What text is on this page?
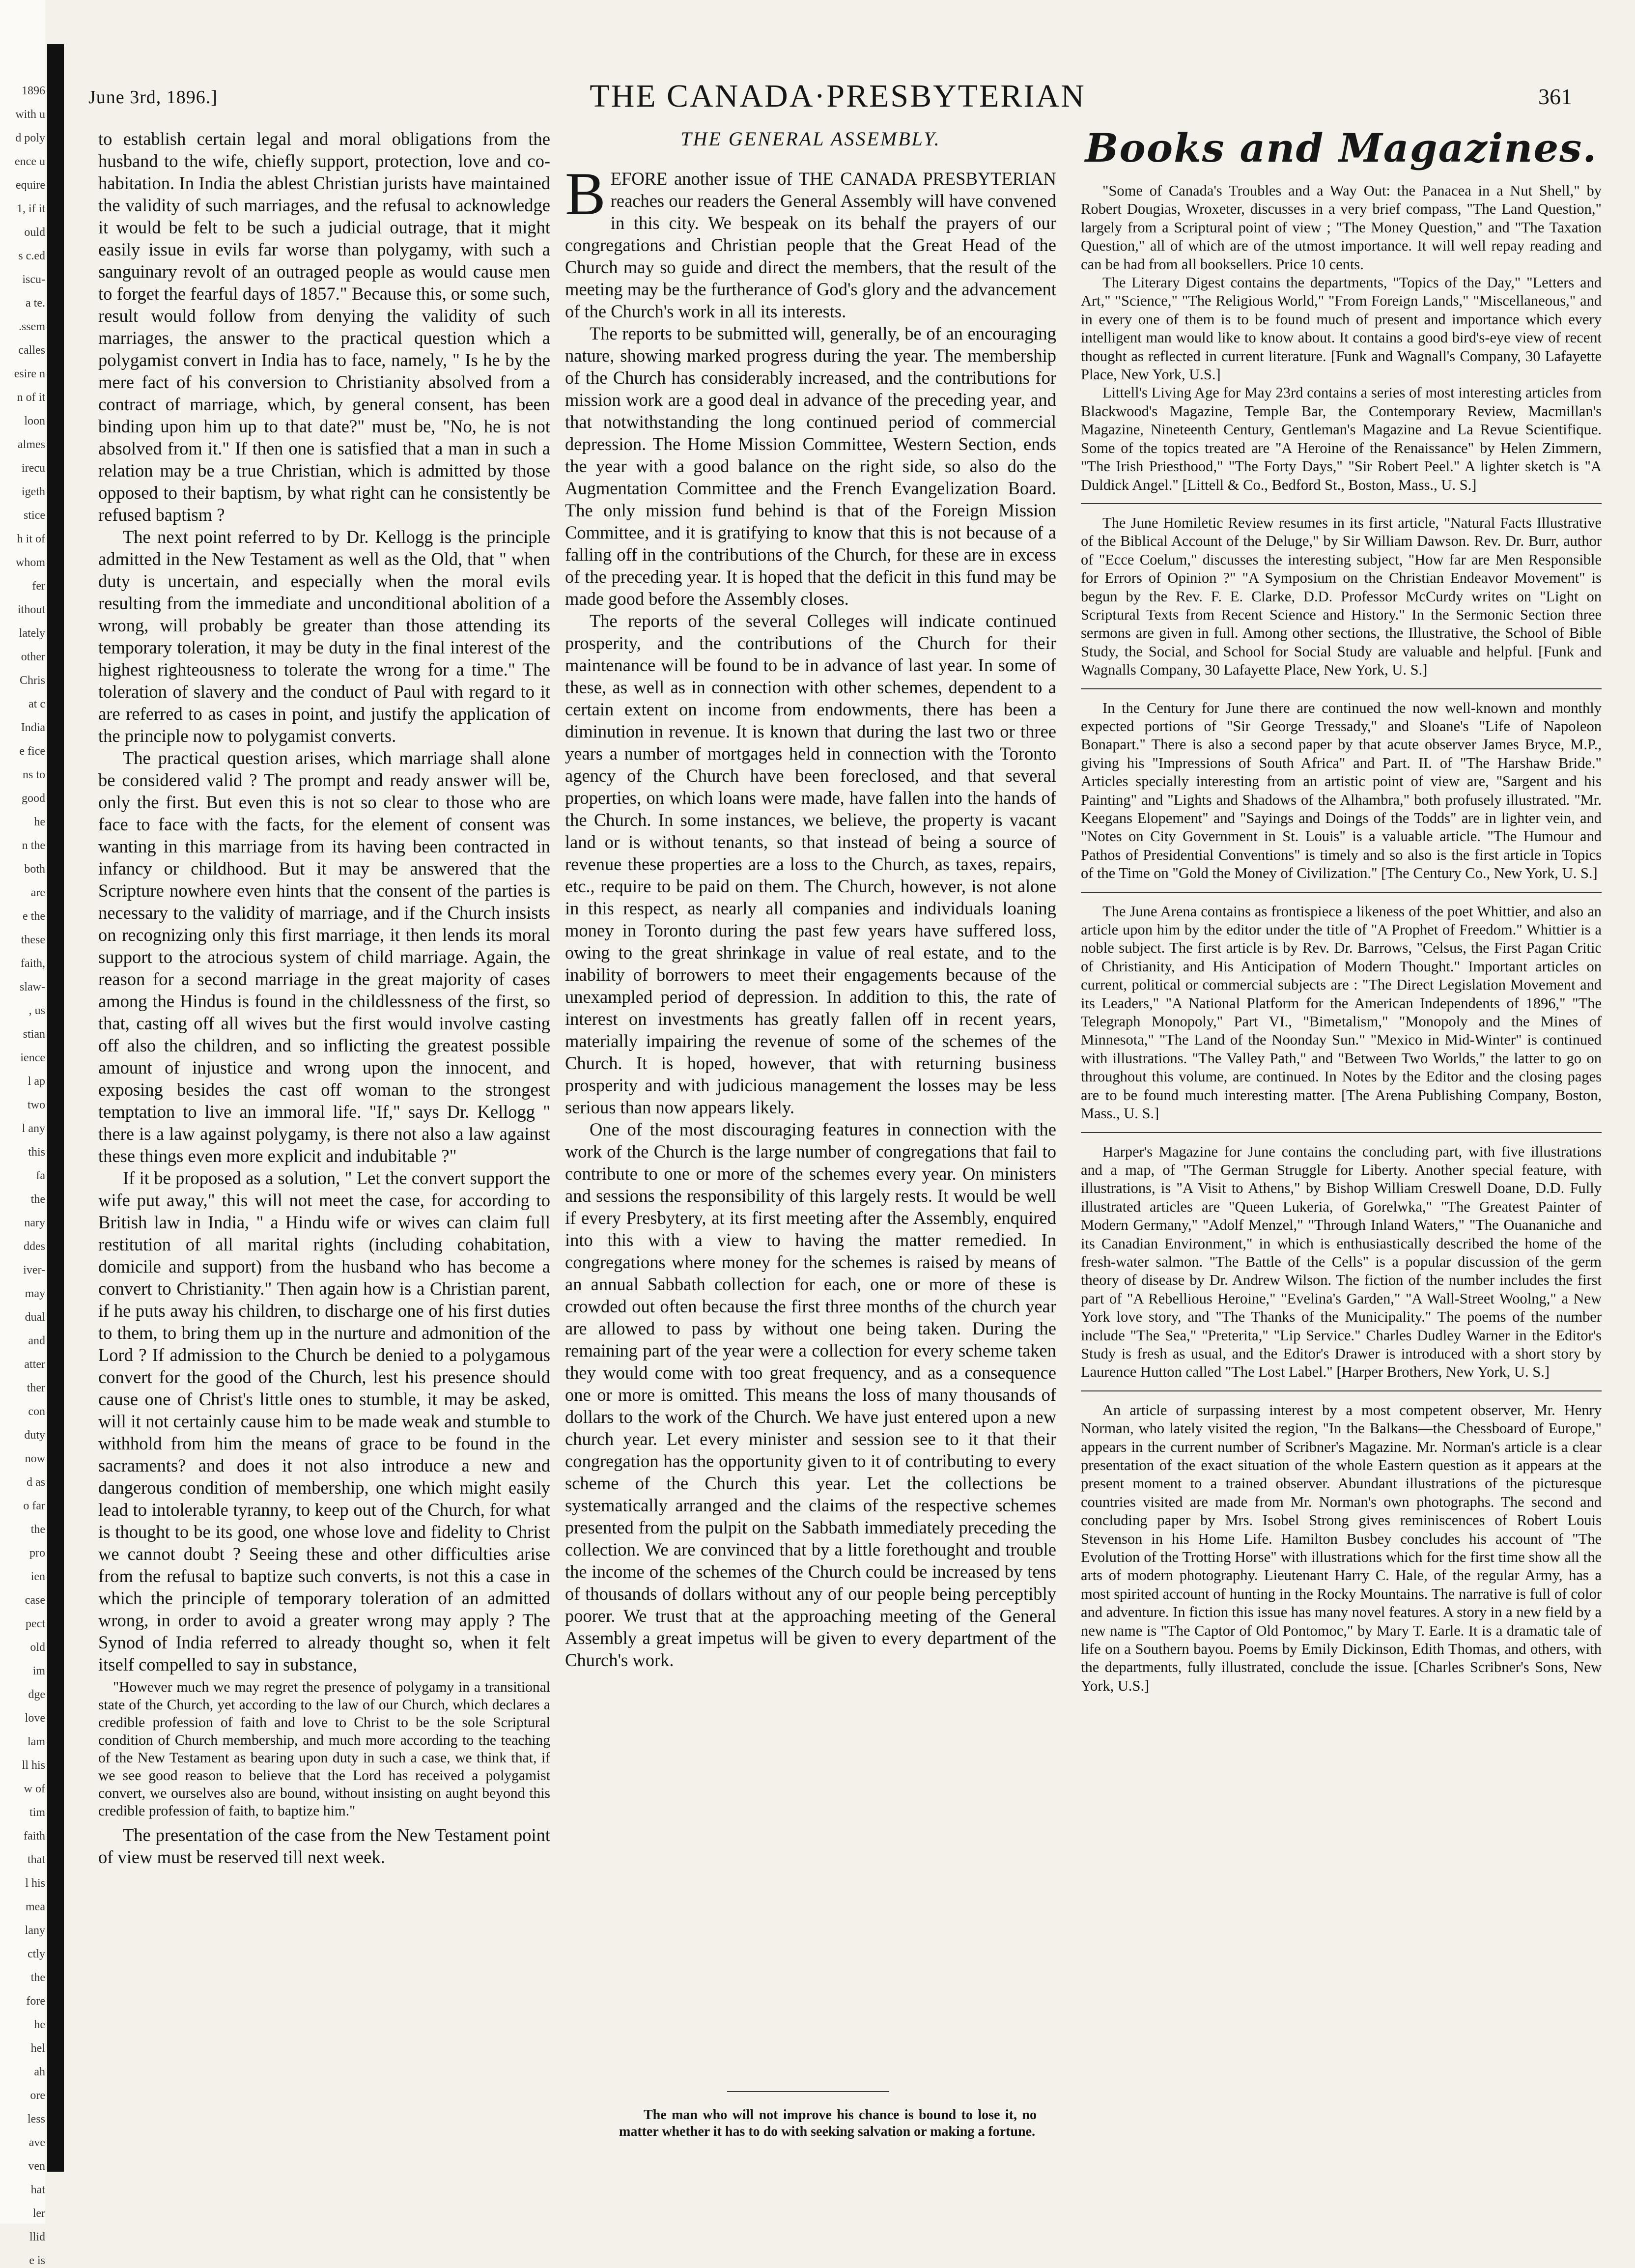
1896
with u
d poly
ence u
equire
1, if it
ould
s c.ed
iscu-
a te.
.ssem
calles
esire n
n of it
loon
almes
irecu
igeth
stice
h it of
whom
fer
ithout
lately
other
Chris
at c
India
e fice
ns to
good
he
n the
both
are
e the
these
faith,
slaw-
, us
stian
ience
l ap
two
l any
this
fa
the
nary
ddes
iver-
may
dual
and
atter
ther
con
duty
now
d as
o far
the
pro
ien
case
pect
old
im
dge
love
lam
ll his
w of
tim
faith
that
l his
mea
lany
ctly
the
fore
he
hel
ah
ore
less
ave
ven
hat
ler
llid
e is
June 3rd, 1896.]	THE CANADA·PRESBYTERIAN	361

to establish certain legal and moral obligations from the husband to the wife, chiefly support, protection, love and co-habitation. In India the ablest Christian jurists have maintained the validity of such marriages, and the refusal to acknowledge it would be felt to be such a judicial outrage, that it might easily issue in evils far worse than polygamy, with such a sanguinary revolt of an outraged people as would cause men to forget the fearful days of 1857." Because this, or some such, result would follow from denying the validity of such marriages, the answer to the practical question which a polygamist convert in India has to face, namely, " Is he by the mere fact of his conversion to Christianity absolved from a contract of marriage, which, by general consent, has been binding upon him up to that date?" must be, "No, he is not absolved from it." If then one is satisfied that a man in such a relation may be a true Christian, which is admitted by those opposed to their baptism, by what right can he consistently be refused baptism ?

The next point referred to by Dr. Kellogg is the principle admitted in the New Testament as well as the Old, that " when duty is uncertain, and especially when the moral evils resulting from the immediate and unconditional abolition of a wrong, will probably be greater than those attending its temporary toleration, it may be duty in the final interest of the highest righteousness to tolerate the wrong for a time." The toleration of slavery and the conduct of Paul with regard to it are referred to as cases in point, and justify the application of the principle now to polygamist converts.

The practical question arises, which marriage shall alone be considered valid ? The prompt and ready answer will be, only the first. But even this is not so clear to those who are face to face with the facts, for the element of consent was wanting in this marriage from its having been contracted in infancy or childhood. But it may be answered that the Scripture nowhere even hints that the consent of the parties is necessary to the validity of marriage, and if the Church insists on recognizing only this first marriage, it then lends its moral support to the atrocious system of child marriage. Again, the reason for a second marriage in the great majority of cases among the Hindus is found in the childlessness of the first, so that, casting off all wives but the first would involve casting off also the children, and so inflicting the greatest possible amount of injustice and wrong upon the innocent, and exposing besides the cast off woman to the strongest temptation to live an immoral life. "If," says Dr. Kellogg " there is a law against polygamy, is there not also a law against these things even more explicit and indubitable ?"

If it be proposed as a solution, " Let the convert support the wife put away," this will not meet the case, for according to British law in India, " a Hindu wife or wives can claim full restitution of all marital rights (including cohabitation, domicile and support) from the husband who has become a convert to Christianity." Then again how is a Christian parent, if he puts away his children, to discharge one of his first duties to them, to bring them up in the nurture and admonition of the Lord ? If admission to the Church be denied to a polygamous convert for the good of the Church, lest his presence should cause one of Christ's little ones to stumble, it may be asked, will it not certainly cause him to be made weak and stumble to withhold from him the means of grace to be found in the sacraments? and does it not also introduce a new and dangerous condition of membership, one which might easily lead to intolerable tyranny, to keep out of the Church, for what is thought to be its good, one whose love and fidelity to Christ we cannot doubt ? Seeing these and other difficulties arise from the refusal to baptize such converts, is not this a case in which the principle of temporary toleration of an admitted wrong, in order to avoid a greater wrong may apply ? The Synod of India referred to already thought so, when it felt itself compelled to say in substance,

"However much we may regret the presence of polygamy in a transitional state of the Church, yet according to the law of our Church, which declares a credible profession of faith and love to Christ to be the sole Scriptural condition of Church membership, and much more according to the teaching of the New Testament as bearing upon duty in such a case, we think that, if we see good reason to believe that the Lord has received a polygamist convert, we ourselves also are bound, without insisting on aught beyond this credible profession of faith, to baptize him."

The presentation of the case from the New Testament point of view must be reserved till next week.

THE GENERAL ASSEMBLY.

BEFORE another issue of THE CANADA PRESBYTERIAN reaches our readers the General Assembly will have convened in this city. We bespeak on its behalf the prayers of our congregations and Christian people that the Great Head of the Church may so guide and direct the members, that the result of the meeting may be the furtherance of God's glory and the advancement of the Church's work in all its interests.

The reports to be submitted will, generally, be of an encouraging nature, showing marked progress during the year. The membership of the Church has considerably increased, and the contributions for mission work are a good deal in advance of the preceding year, and that notwithstanding the long continued period of commercial depression. The Home Mission Committee, Western Section, ends the year with a good balance on the right side, so also do the Augmentation Committee and the French Evangelization Board. The only mission fund behind is that of the Foreign Mission Committee, and it is gratifying to know that this is not because of a falling off in the contributions of the Church, for these are in excess of the preceding year. It is hoped that the deficit in this fund may be made good before the Assembly closes.

The reports of the several Colleges will indicate continued prosperity, and the contributions of the Church for their maintenance will be found to be in advance of last year. In some of these, as well as in connection with other schemes, dependent to a certain extent on income from endowments, there has been a diminution in revenue. It is known that during the last two or three years a number of mortgages held in connection with the Toronto agency of the Church have been foreclosed, and that several properties, on which loans were made, have fallen into the hands of the Church. In some instances, we believe, the property is vacant land or is without tenants, so that instead of being a source of revenue these properties are a loss to the Church, as taxes, repairs, etc., require to be paid on them. The Church, however, is not alone in this respect, as nearly all companies and individuals loaning money in Toronto during the past few years have suffered loss, owing to the great shrinkage in value of real estate, and to the inability of borrowers to meet their engagements because of the unexampled period of depression. In addition to this, the rate of interest on investments has greatly fallen off in recent years, materially impairing the revenue of some of the schemes of the Church. It is hoped, however, that with returning business prosperity and with judicious management the losses may be less serious than now appears likely.

One of the most discouraging features in connection with the work of the Church is the large number of congregations that fail to contribute to one or more of the schemes every year. On ministers and sessions the responsibility of this largely rests. It would be well if every Presbytery, at its first meeting after the Assembly, enquired into this with a view to having the matter remedied. In congregations where money for the schemes is raised by means of an annual Sabbath collection for each, one or more of these is crowded out often because the first three months of the church year are allowed to pass by without one being taken. During the remaining part of the year were a collection for every scheme taken they would come with too great frequency, and as a consequence one or more is omitted. This means the loss of many thousands of dollars to the work of the Church. We have just entered upon a new church year. Let every minister and session see to it that their congregation has the opportunity given to it of contributing to every scheme of the Church this year. Let the collections be systematically arranged and the claims of the respective schemes presented from the pulpit on the Sabbath immediately preceding the collection. We are convinced that by a little forethought and trouble the income of the schemes of the Church could be increased by tens of thousands of dollars without any of our people being perceptibly poorer. We trust that at the approaching meeting of the General Assembly a great impetus will be given to every department of the Church's work.

The man who will not improve his chance is bound to lose it, no matter whether it has to do with seeking salvation or making a fortune.

Books and Magazines.

"Some of Canada's Troubles and a Way Out: the Panacea in a Nut Shell," by Robert Dougias, Wroxeter, discusses in a very brief compass, "The Land Question," largely from a Scriptural point of view ; "The Money Question," and "The Taxation Question," all of which are of the utmost importance. It will well repay reading and can be had from all booksellers. Price 10 cents.

The Literary Digest contains the departments, "Topics of the Day," "Letters and Art," "Science," "The Religious World," "From Foreign Lands," "Miscellaneous," and in every one of them is to be found much of present and importance which every intelligent man would like to know about. It contains a good bird's-eye view of recent thought as reflected in current literature. [Funk and Wagnall's Company, 30 Lafayette Place, New York, U.S.]

Littell's Living Age for May 23rd contains a series of most interesting articles from Blackwood's Magazine, Temple Bar, the Contemporary Review, Macmillan's Magazine, Nineteenth Century, Gentleman's Magazine and La Revue Scientifique. Some of the topics treated are "A Heroine of the Renaissance" by Helen Zimmern, "The Irish Priesthood," "The Forty Days," "Sir Robert Peel." A lighter sketch is "A Duldick Angel." [Littell & Co., Bedford St., Boston, Mass., U. S.]

The June Homiletic Review resumes in its first article, "Natural Facts Illustrative of the Biblical Account of the Deluge," by Sir William Dawson. Rev. Dr. Burr, author of "Ecce Coelum," discusses the interesting subject, "How far are Men Responsible for Errors of Opinion ?" "A Symposium on the Christian Endeavor Movement" is begun by the Rev. F. E. Clarke, D.D. Professor McCurdy writes on "Light on Scriptural Texts from Recent Science and History." In the Sermonic Section three sermons are given in full. Among other sections, the Illustrative, the School of Bible Study, the Social, and School for Social Study are valuable and helpful. [Funk and Wagnalls Company, 30 Lafayette Place, New York, U. S.]

In the Century for June there are continued the now well-known and monthly expected portions of "Sir George Tressady," and Sloane's "Life of Napoleon Bonapart." There is also a second paper by that acute observer James Bryce, M.P., giving his "Impressions of South Africa" and Part. II. of "The Harshaw Bride." Articles specially interesting from an artistic point of view are, "Sargent and his Painting" and "Lights and Shadows of the Alhambra," both profusely illustrated. "Mr. Keegans Elopement" and "Sayings and Doings of the Todds" are in lighter vein, and "Notes on City Government in St. Louis" is a valuable article. "The Humour and Pathos of Presidential Conventions" is timely and so also is the first article in Topics of the Time on "Gold the Money of Civilization." [The Century Co., New York, U. S.]

The June Arena contains as frontispiece a likeness of the poet Whittier, and also an article upon him by the editor under the title of "A Prophet of Freedom." Whittier is a noble subject. The first article is by Rev. Dr. Barrows, "Celsus, the First Pagan Critic of Christianity, and His Anticipation of Modern Thought." Important articles on current, political or commercial subjects are : "The Direct Legislation Movement and its Leaders," "A National Platform for the American Independents of 1896," "The Telegraph Monopoly," Part VI., "Bimetalism," "Monopoly and the Mines of Minnesota," "The Land of the Noonday Sun." "Mexico in Mid-Winter" is continued with illustrations. "The Valley Path," and "Between Two Worlds," the latter to go on throughout this volume, are continued. In Notes by the Editor and the closing pages are to be found much interesting matter. [The Arena Publishing Company, Boston, Mass., U. S.]

Harper's Magazine for June contains the concluding part, with five illustrations and a map, of "The German Struggle for Liberty. Another special feature, with illustrations, is "A Visit to Athens," by Bishop William Creswell Doane, D.D. Fully illustrated articles are "Queen Lukeria, of Gorelwka," "The Greatest Painter of Modern Germany," "Adolf Menzel," "Through Inland Waters," "The Ouananiche and its Canadian Environment," in which is enthusiastically described the home of the fresh-water salmon. "The Battle of the Cells" is a popular discussion of the germ theory of disease by Dr. Andrew Wilson. The fiction of the number includes the first part of "A Rebellious Heroine," "Evelina's Garden," "A Wall-Street Woolng," a New York love story, and "The Thanks of the Municipality." The poems of the number include "The Sea," "Preterita," "Lip Service." Charles Dudley Warner in the Editor's Study is fresh as usual, and the Editor's Drawer is introduced with a short story by Laurence Hutton called "The Lost Label." [Harper Brothers, New York, U. S.]

An article of surpassing interest by a most competent observer, Mr. Henry Norman, who lately visited the region, "In the Balkans—the Chessboard of Europe," appears in the current number of Scribner's Magazine. Mr. Norman's article is a clear presentation of the exact situation of the whole Eastern question as it appears at the present moment to a trained observer. Abundant illustrations of the picturesque countries visited are made from Mr. Norman's own photographs. The second and concluding paper by Mrs. Isobel Strong gives reminiscences of Robert Louis Stevenson in his Home Life. Hamilton Busbey concludes his account of "The Evolution of the Trotting Horse" with illustrations which for the first time show all the arts of modern photography. Lieutenant Harry C. Hale, of the regular Army, has a most spirited account of hunting in the Rocky Mountains. The narrative is full of color and adventure. In fiction this issue has many novel features. A story in a new field by a new name is "The Captor of Old Pontomoc," by Mary T. Earle. It is a dramatic tale of life on a Southern bayou. Poems by Emily Dickinson, Edith Thomas, and others, with the departments, fully illustrated, conclude the issue. [Charles Scribner's Sons, New York, U.S.]
